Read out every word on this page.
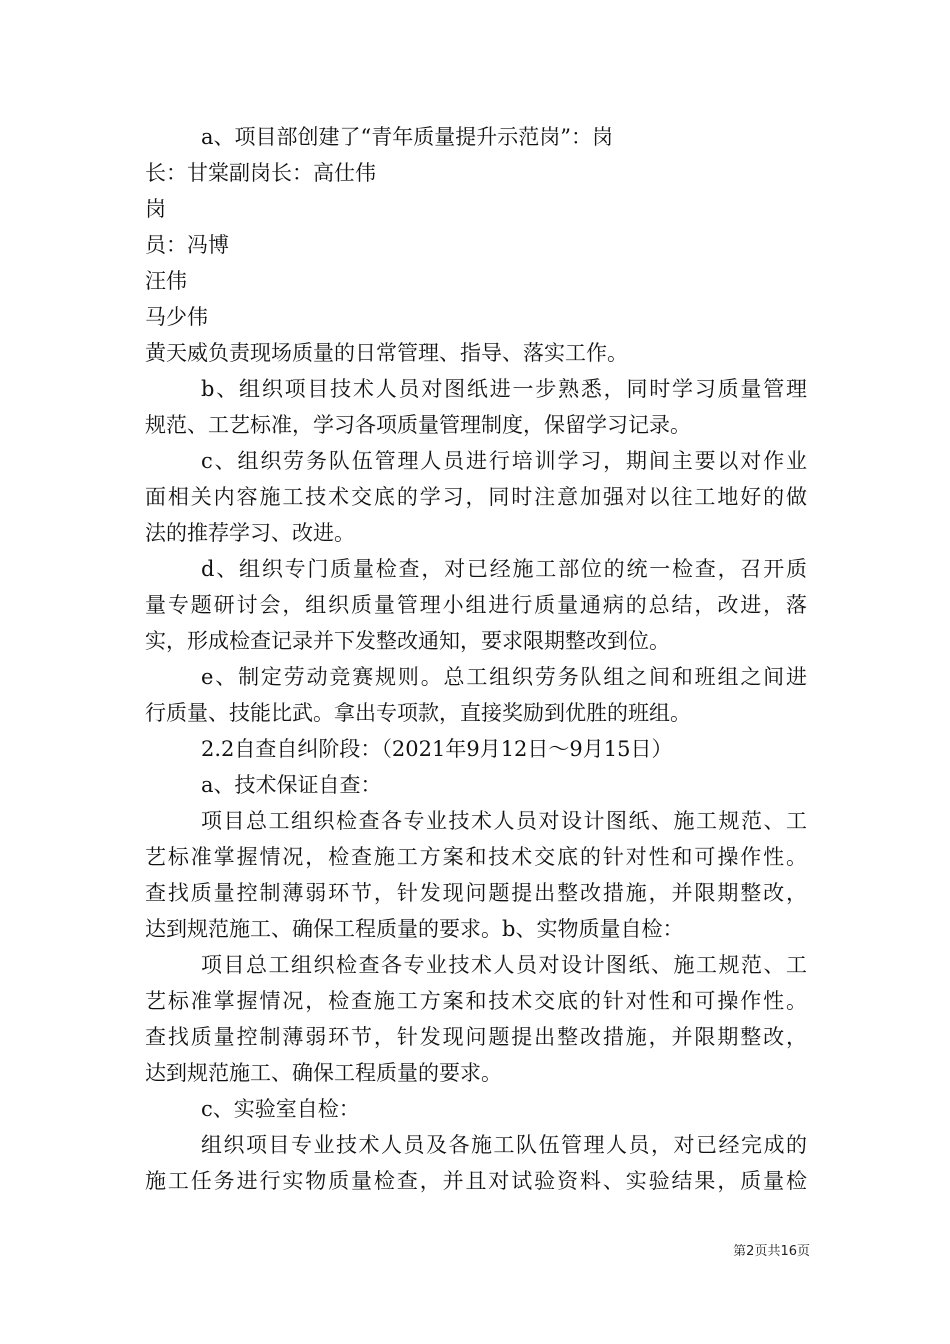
a、项目部创建了“青年质量提升示范岗”：岗
长：甘棠副岗长：高仕伟
岗
员：冯博
汪伟
马少伟
黄天威负责现场质量的日常管理、指导、落实工作。
b、组织项目技术人员对图纸进一步熟悉，同时学习质量管理
规范、工艺标准，学习各项质量管理制度，保留学习记录。
c、组织劳务队伍管理人员进行培训学习，期间主要以对作业
面相关内容施工技术交底的学习，同时注意加强对以往工地好的做
法的推荐学习、改进。
d、组织专门质量检查，对已经施工部位的统一检查，召开质
量专题研讨会，组织质量管理小组进行质量通病的总结，改进，落
实，形成检查记录并下发整改通知，要求限期整改到位。
e、制定劳动竞赛规则。总工组织劳务队组之间和班组之间进
行质量、技能比武。拿出专项款，直接奖励到优胜的班组。
2.2自查自纠阶段：（2021年9月12日～9月15日）
a、技术保证自查：
项目总工组织检查各专业技术人员对设计图纸、施工规范、工
艺标准掌握情况，检查施工方案和技术交底的针对性和可操作性。
查找质量控制薄弱环节，针发现问题提出整改措施，并限期整改，
达到规范施工、确保工程质量的要求。b、实物质量自检：
项目总工组织检查各专业技术人员对设计图纸、施工规范、工
艺标准掌握情况，检查施工方案和技术交底的针对性和可操作性。
查找质量控制薄弱环节，针发现问题提出整改措施，并限期整改，
达到规范施工、确保工程质量的要求。
c、实验室自检：
组织项目专业技术人员及各施工队伍管理人员，对已经完成的
施工任务进行实物质量检查，并且对试验资料、实验结果，质量检
第2页共16页
